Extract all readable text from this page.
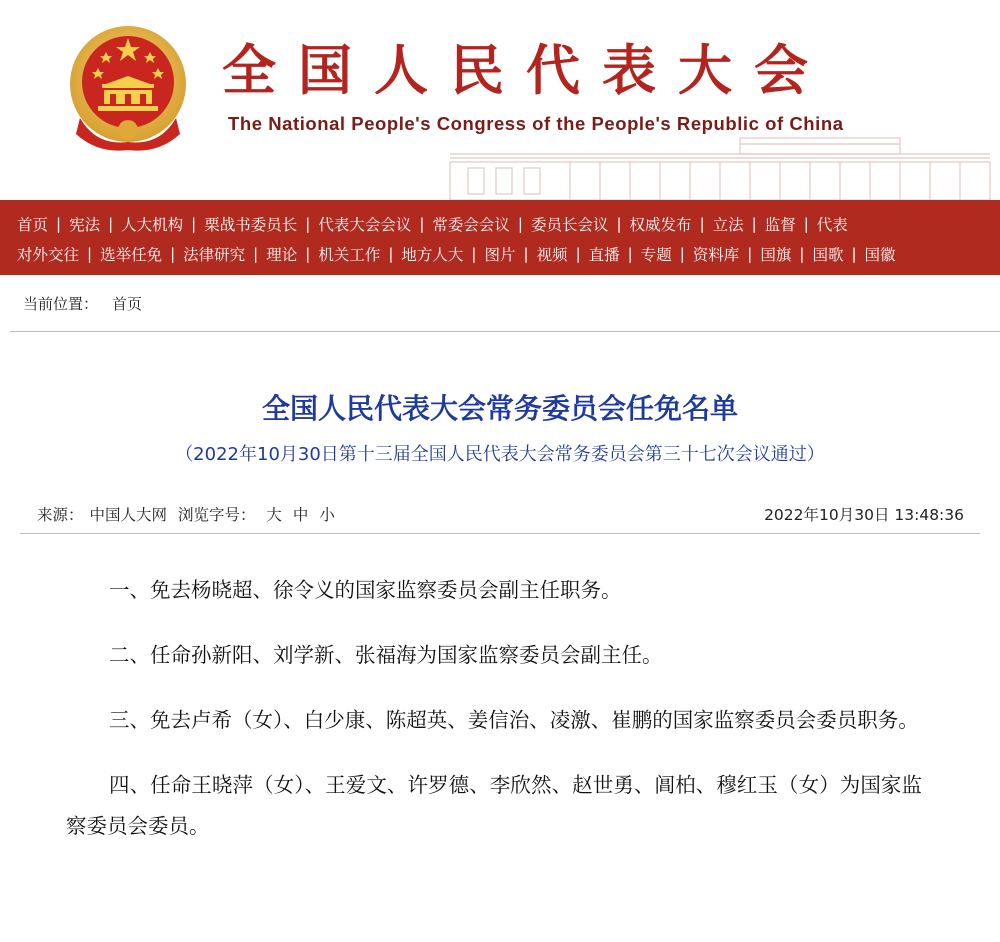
全国人民代表大会
The National People's Congress of the People's Republic of China
首页 | 宪法 | 人大机构 | 栗战书委员长 | 代表大会会议 | 常委会会议 | 委员长会议 | 权威发布 | 立法 | 监督 | 代表
对外交往 | 选举任免 | 法律研究 | 理论 | 机关工作 | 地方人大 | 图片 | 视频 | 直播 | 专题 | 资料库 | 国旗 | 国歌 | 国徽
当前位置： 首页
全国人民代表大会常务委员会任免名单
（2022年10月30日第十三届全国人民代表大会常务委员会第三十七次会议通过）
来源： 中国人大网 浏览字号： 大 中 小	2022年10月30日 13:48:36

一、免去杨晓超、徐令义的国家监察委员会副主任职务。

二、任命孙新阳、刘学新、张福海为国家监察委员会副主任。

三、免去卢希（女）、白少康、陈超英、姜信治、凌激、崔鹏的国家监察委员会委员职务。

四、任命王晓萍（女）、王爱文、许罗德、李欣然、赵世勇、阊柏、穆红玉（女）为国家监察委员会委员。
